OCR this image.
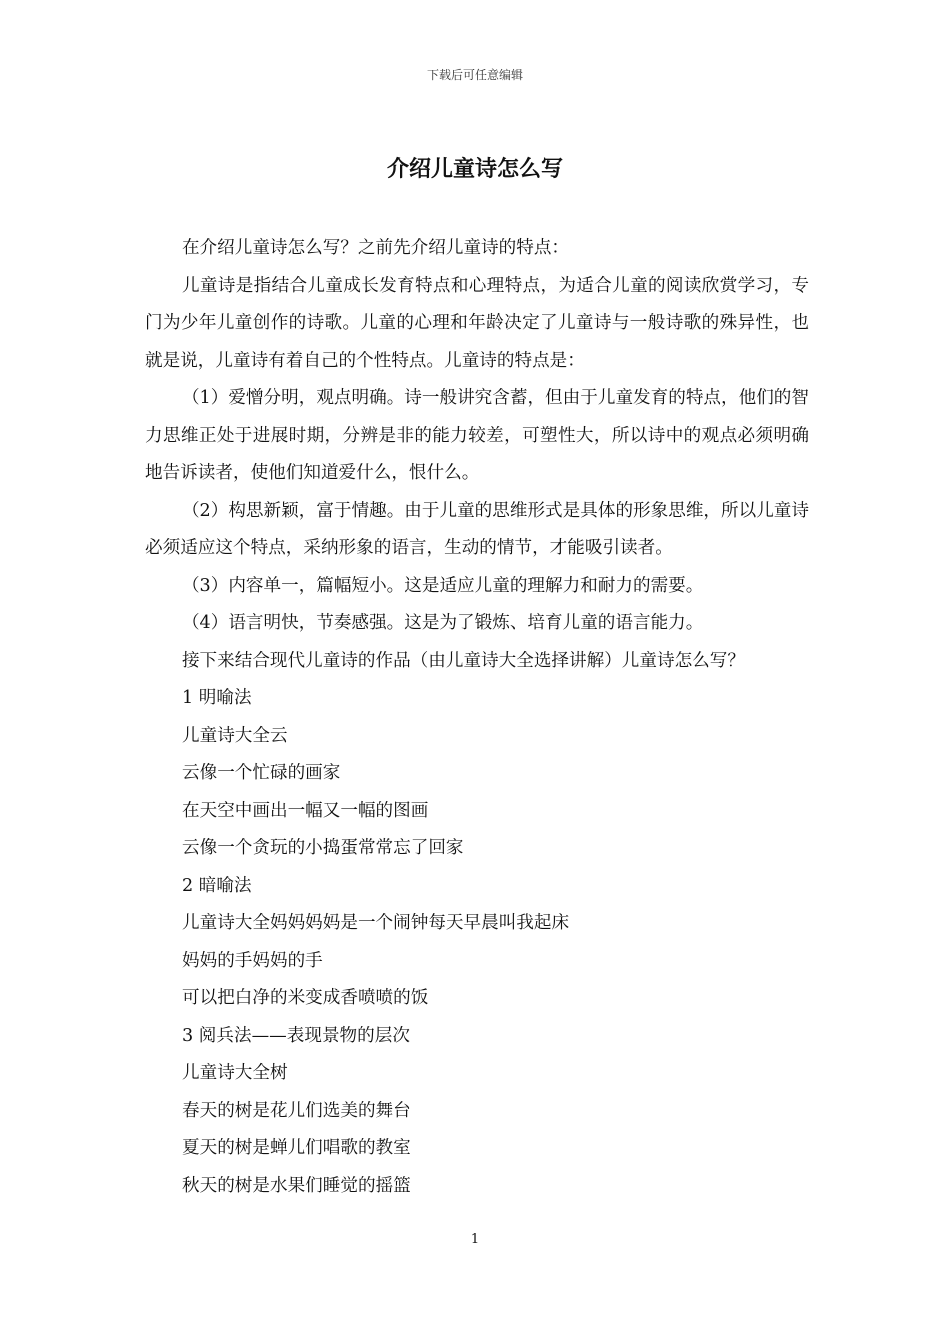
下载后可任意编辑
介绍儿童诗怎么写

在介绍儿童诗怎么写？之前先介绍儿童诗的特点：

儿童诗是指结合儿童成长发育特点和心理特点，为适合儿童的阅读欣赏学习，专门为少年儿童创作的诗歌。儿童的心理和年龄决定了儿童诗与一般诗歌的殊异性，也就是说，儿童诗有着自己的个性特点。儿童诗的特点是：

（1）爱憎分明，观点明确。诗一般讲究含蓄，但由于儿童发育的特点，他们的智力思维正处于进展时期，分辨是非的能力较差，可塑性大，所以诗中的观点必须明确地告诉读者，使他们知道爱什么，恨什么。

（2）构思新颖，富于情趣。由于儿童的思维形式是具体的形象思维，所以儿童诗必须适应这个特点，采纳形象的语言，生动的情节，才能吸引读者。

（3）内容单一，篇幅短小。这是适应儿童的理解力和耐力的需要。

（4）语言明快，节奏感强。这是为了锻炼、培育儿童的语言能力。

接下来结合现代儿童诗的作品（由儿童诗大全选择讲解）儿童诗怎么写？

1 明喻法
儿童诗大全云
云像一个忙碌的画家
在天空中画出一幅又一幅的图画
云像一个贪玩的小捣蛋常常忘了回家
2 暗喻法
儿童诗大全妈妈妈妈是一个闹钟每天早晨叫我起床
妈妈的手妈妈的手
可以把白净的米变成香喷喷的饭
3 阅兵法——表现景物的层次
儿童诗大全树
春天的树是花儿们选美的舞台
夏天的树是蝉儿们唱歌的教室
秋天的树是水果们睡觉的摇篮
1
